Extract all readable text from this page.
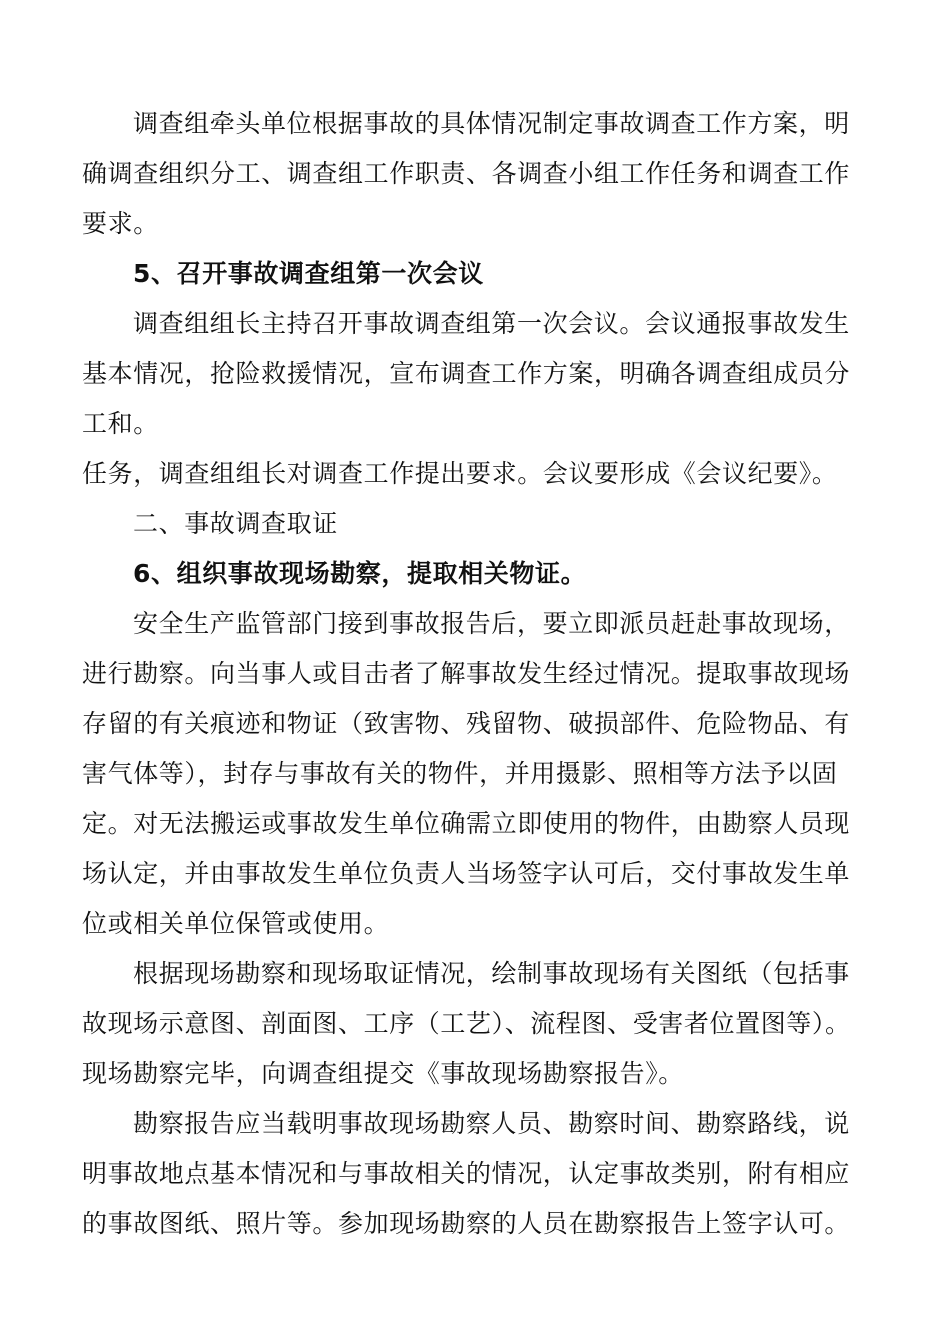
调查组牵头单位根据事故的具体情况制定事故调查工作方案，明
确调查组织分工、调查组工作职责、各调查小组工作任务和调查工作
要求。
5、召开事故调查组第一次会议
调查组组长主持召开事故调查组第一次会议。会议通报事故发生
基本情况，抢险救援情况，宣布调查工作方案，明确各调查组成员分
工和。
任务，调查组组长对调查工作提出要求。会议要形成《会议纪要》。
二、事故调查取证
6、组织事故现场勘察，提取相关物证。
安全生产监管部门接到事故报告后，要立即派员赶赴事故现场，
进行勘察。向当事人或目击者了解事故发生经过情况。提取事故现场
存留的有关痕迹和物证（致害物、残留物、破损部件、危险物品、有
害气体等），封存与事故有关的物件，并用摄影、照相等方法予以固
定。对无法搬运或事故发生单位确需立即使用的物件，由勘察人员现
场认定，并由事故发生单位负责人当场签字认可后，交付事故发生单
位或相关单位保管或使用。
根据现场勘察和现场取证情况，绘制事故现场有关图纸（包括事
故现场示意图、剖面图、工序（工艺）、流程图、受害者位置图等）。
现场勘察完毕，向调查组提交《事故现场勘察报告》。
勘察报告应当载明事故现场勘察人员、勘察时间、勘察路线，说
明事故地点基本情况和与事故相关的情况，认定事故类别，附有相应
的事故图纸、照片等。参加现场勘察的人员在勘察报告上签字认可。
